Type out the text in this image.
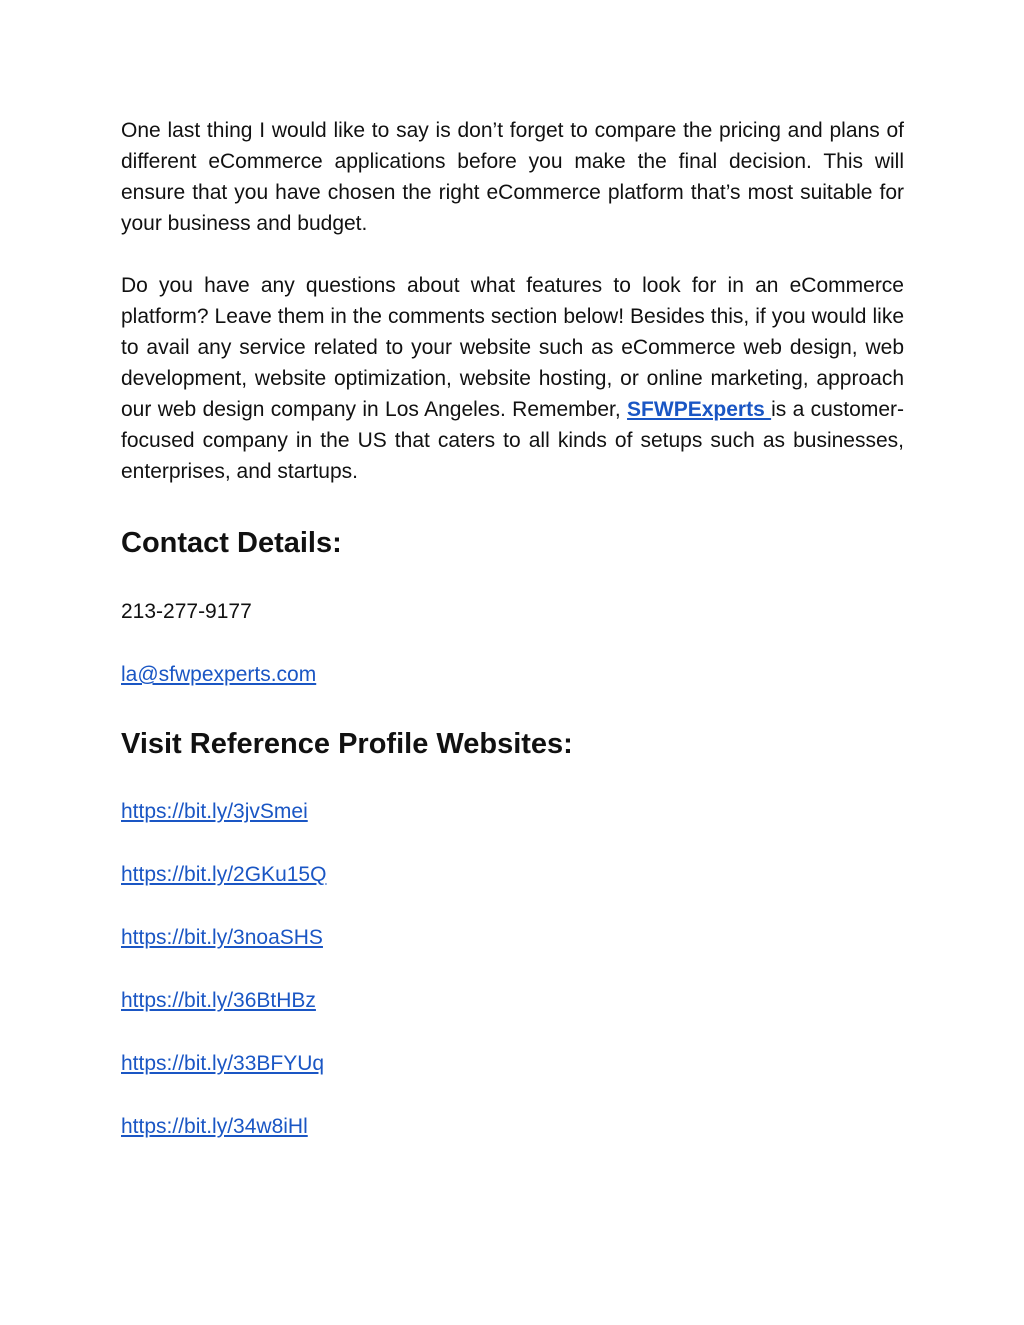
One last thing I would like to say is don’t forget to compare the pricing and plans of different eCommerce applications before you make the final decision. This will ensure that you have chosen the right eCommerce platform that’s most suitable for your business and budget.

Do you have any questions about what features to look for in an eCommerce platform? Leave them in the comments section below! Besides this, if you would like to avail any service related to your website such as eCommerce web design, web development, website optimization, website hosting, or online marketing, approach our web design company in Los Angeles. Remember, SFWPExperts is a customer-focused company in the US that caters to all kinds of setups such as businesses, enterprises, and startups.

Contact Details:

213-277-9177

la@sfwpexperts.com
Visit Reference Profile Websites:
https://bit.ly/3jvSmei
https://bit.ly/2GKu15Q
https://bit.ly/3noaSHS
https://bit.ly/36BtHBz
https://bit.ly/33BFYUq
https://bit.ly/34w8iHl
